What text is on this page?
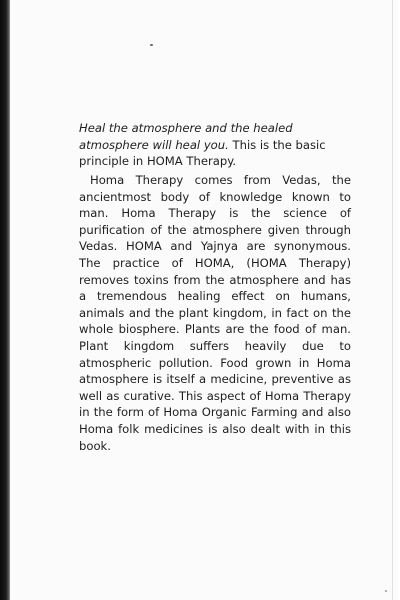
Heal the atmosphere and the healed atmosphere will heal you. This is the basic principle in HOMA Therapy.

Homa Therapy comes from Vedas, the ancientmost body of knowledge known to man. Homa Therapy is the science of purification of the atmosphere given through Vedas. HOMA and Yajnya are synonymous. The practice of HOMA, (HOMA Therapy) removes toxins from the atmosphere and has a tremendous healing effect on humans, animals and the plant kingdom, in fact on the whole biosphere. Plants are the food of man. Plant kingdom suffers heavily due to atmospheric pollution. Food grown in Homa atmosphere is itself a medicine, preventive as well as curative. This aspect of Homa Therapy in the form of Homa Organic Farming and also Homa folk medicines is also dealt with in this book.
